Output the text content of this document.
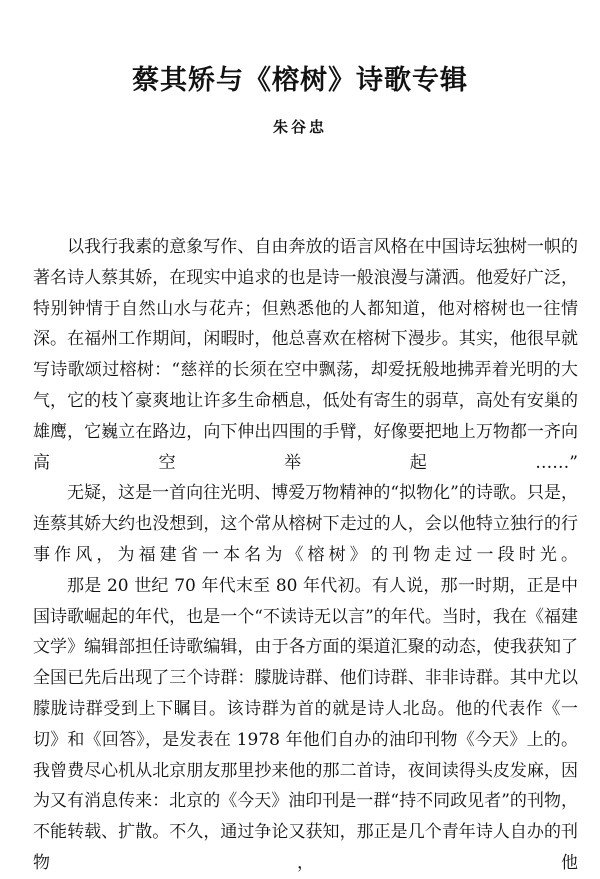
蔡其矫与《榕树》诗歌专辑
朱谷忠

以我行我素的意象写作、自由奔放的语言风格在中国诗坛独树一帜的著名诗人蔡其娇，在现实中追求的也是诗一般浪漫与潇洒。他爱好广泛，特别钟情于自然山水与花卉；但熟悉他的人都知道，他对榕树也一往情深。在福州工作期间，闲暇时，他总喜欢在榕树下漫步。其实，他很早就写诗歌颂过榕树：“慈祥的长须在空中飘荡，却爱抚般地拂弄着光明的大气，它的枝丫豪爽地让许多生命栖息，低处有寄生的弱草，高处有安巢的雄鹰，它巍立在路边，向下伸出四围的手臂，好像要把地上万物都一齐向高空举起……”

无疑，这是一首向往光明、博爱万物精神的“拟物化”的诗歌。只是，连蔡其娇大约也没想到，这个常从榕树下走过的人，会以他特立独行的行事作风，为福建省一本名为《榕树》的刊物走过一段时光。

那是 20 世纪 70 年代末至 80 年代初。有人说，那一时期，正是中国诗歌崛起的年代，也是一个“不读诗无以言”的年代。当时，我在《福建文学》编辑部担任诗歌编辑，由于各方面的渠道汇聚的动态，使我获知了全国已先后出现了三个诗群：朦胧诗群、他们诗群、非非诗群。其中尤以朦胧诗群受到上下瞩目。该诗群为首的就是诗人北岛。他的代表作《一切》和《回答》，是发表在 1978 年他们自办的油印刊物《今天》上的。我曾费尽心机从北京朋友那里抄来他的那二首诗，夜间读得头皮发麻，因为又有消息传来：北京的《今天》油印刊是一群“持不同政见者”的刊物，不能转载、扩散。不久，通过争论又获知，那正是几个青年诗人自办的刊物，他
